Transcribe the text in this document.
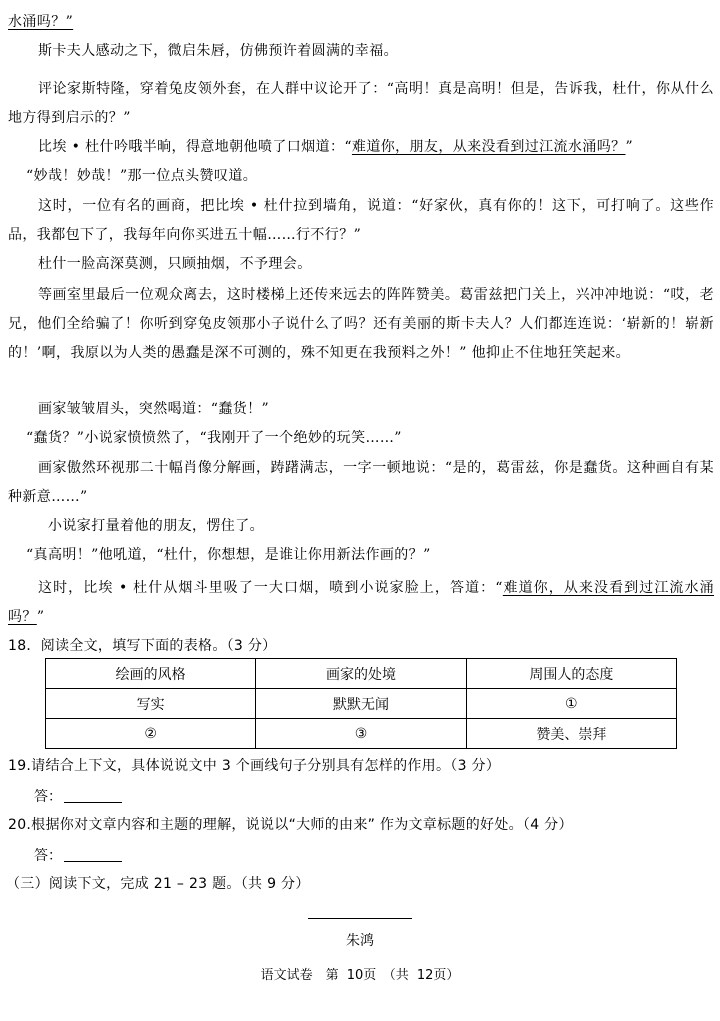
水涌吗？”
斯卡夫人感动之下，微启朱唇，仿佛预许着圆满的幸福。
评论家斯特隆，穿着兔皮领外套，在人群中议论开了：“高明！真是高明！但是，告诉我，杜什，你从什么地方得到启示的？”
比埃 • 杜什吟哦半晌，得意地朝他喷了口烟道：“难道你，朋友，从来没看到过江流水涌吗？”
“妙哉！妙哉！”那一位点头赞叹道。
这时，一位有名的画商，把比埃 • 杜什拉到墙角，说道：“好家伙，真有你的！这下，可打响了。这些作品，我都包下了，我每年向你买进五十幅……行不行？”
杜什一脸高深莫测，只顾抽烟，不予理会。
等画室里最后一位观众离去，这时楼梯上还传来远去的阵阵赞美。葛雷兹把门关上，兴冲冲地说：“哎，老兄，他们全给骗了！你听到穿兔皮领那小子说什么了吗？还有美丽的斯卡夫人？人们都连连说：‘崭新的！崭新的！’啊，我原以为人类的愚蠢是深不可测的，殊不知更在我预料之外！” 他抑止不住地狂笑起来。
画家皱皱眉头，突然喝道：“蠢货！”
“蠢货？”小说家愤愤然了，“我刚开了一个绝妙的玩笑……”
画家傲然环视那二十幅肖像分解画，踌躇满志，一字一顿地说：“是的，葛雷兹，你是蠢货。这种画自有某种新意……”
小说家打量着他的朋友，愣住了。
“真高明！”他吼道，“杜什，你想想，是谁让你用新法作画的？”
这时，比埃 • 杜什从烟斗里吸了一大口烟，喷到小说家脸上，答道：“难道你，从来没看到过江流水涌吗？”
18．阅读全文，填写下面的表格。（3 分）
绘画的风格	画家的处境	周围人的态度
写实	默默无闻	①
②	③	赞美、崇拜
19.请结合上下文，具体说说文中 3 个画线句子分别具有怎样的作用。（3 分）
答：
20.根据你对文章内容和主题的理解，说说以“大师的由来” 作为文章标题的好处。（4 分）
答：
（三）阅读下文，完成 21 – 23 题。（共 9 分）
朱鸿
语文试卷　第 10页　（共 12页）
